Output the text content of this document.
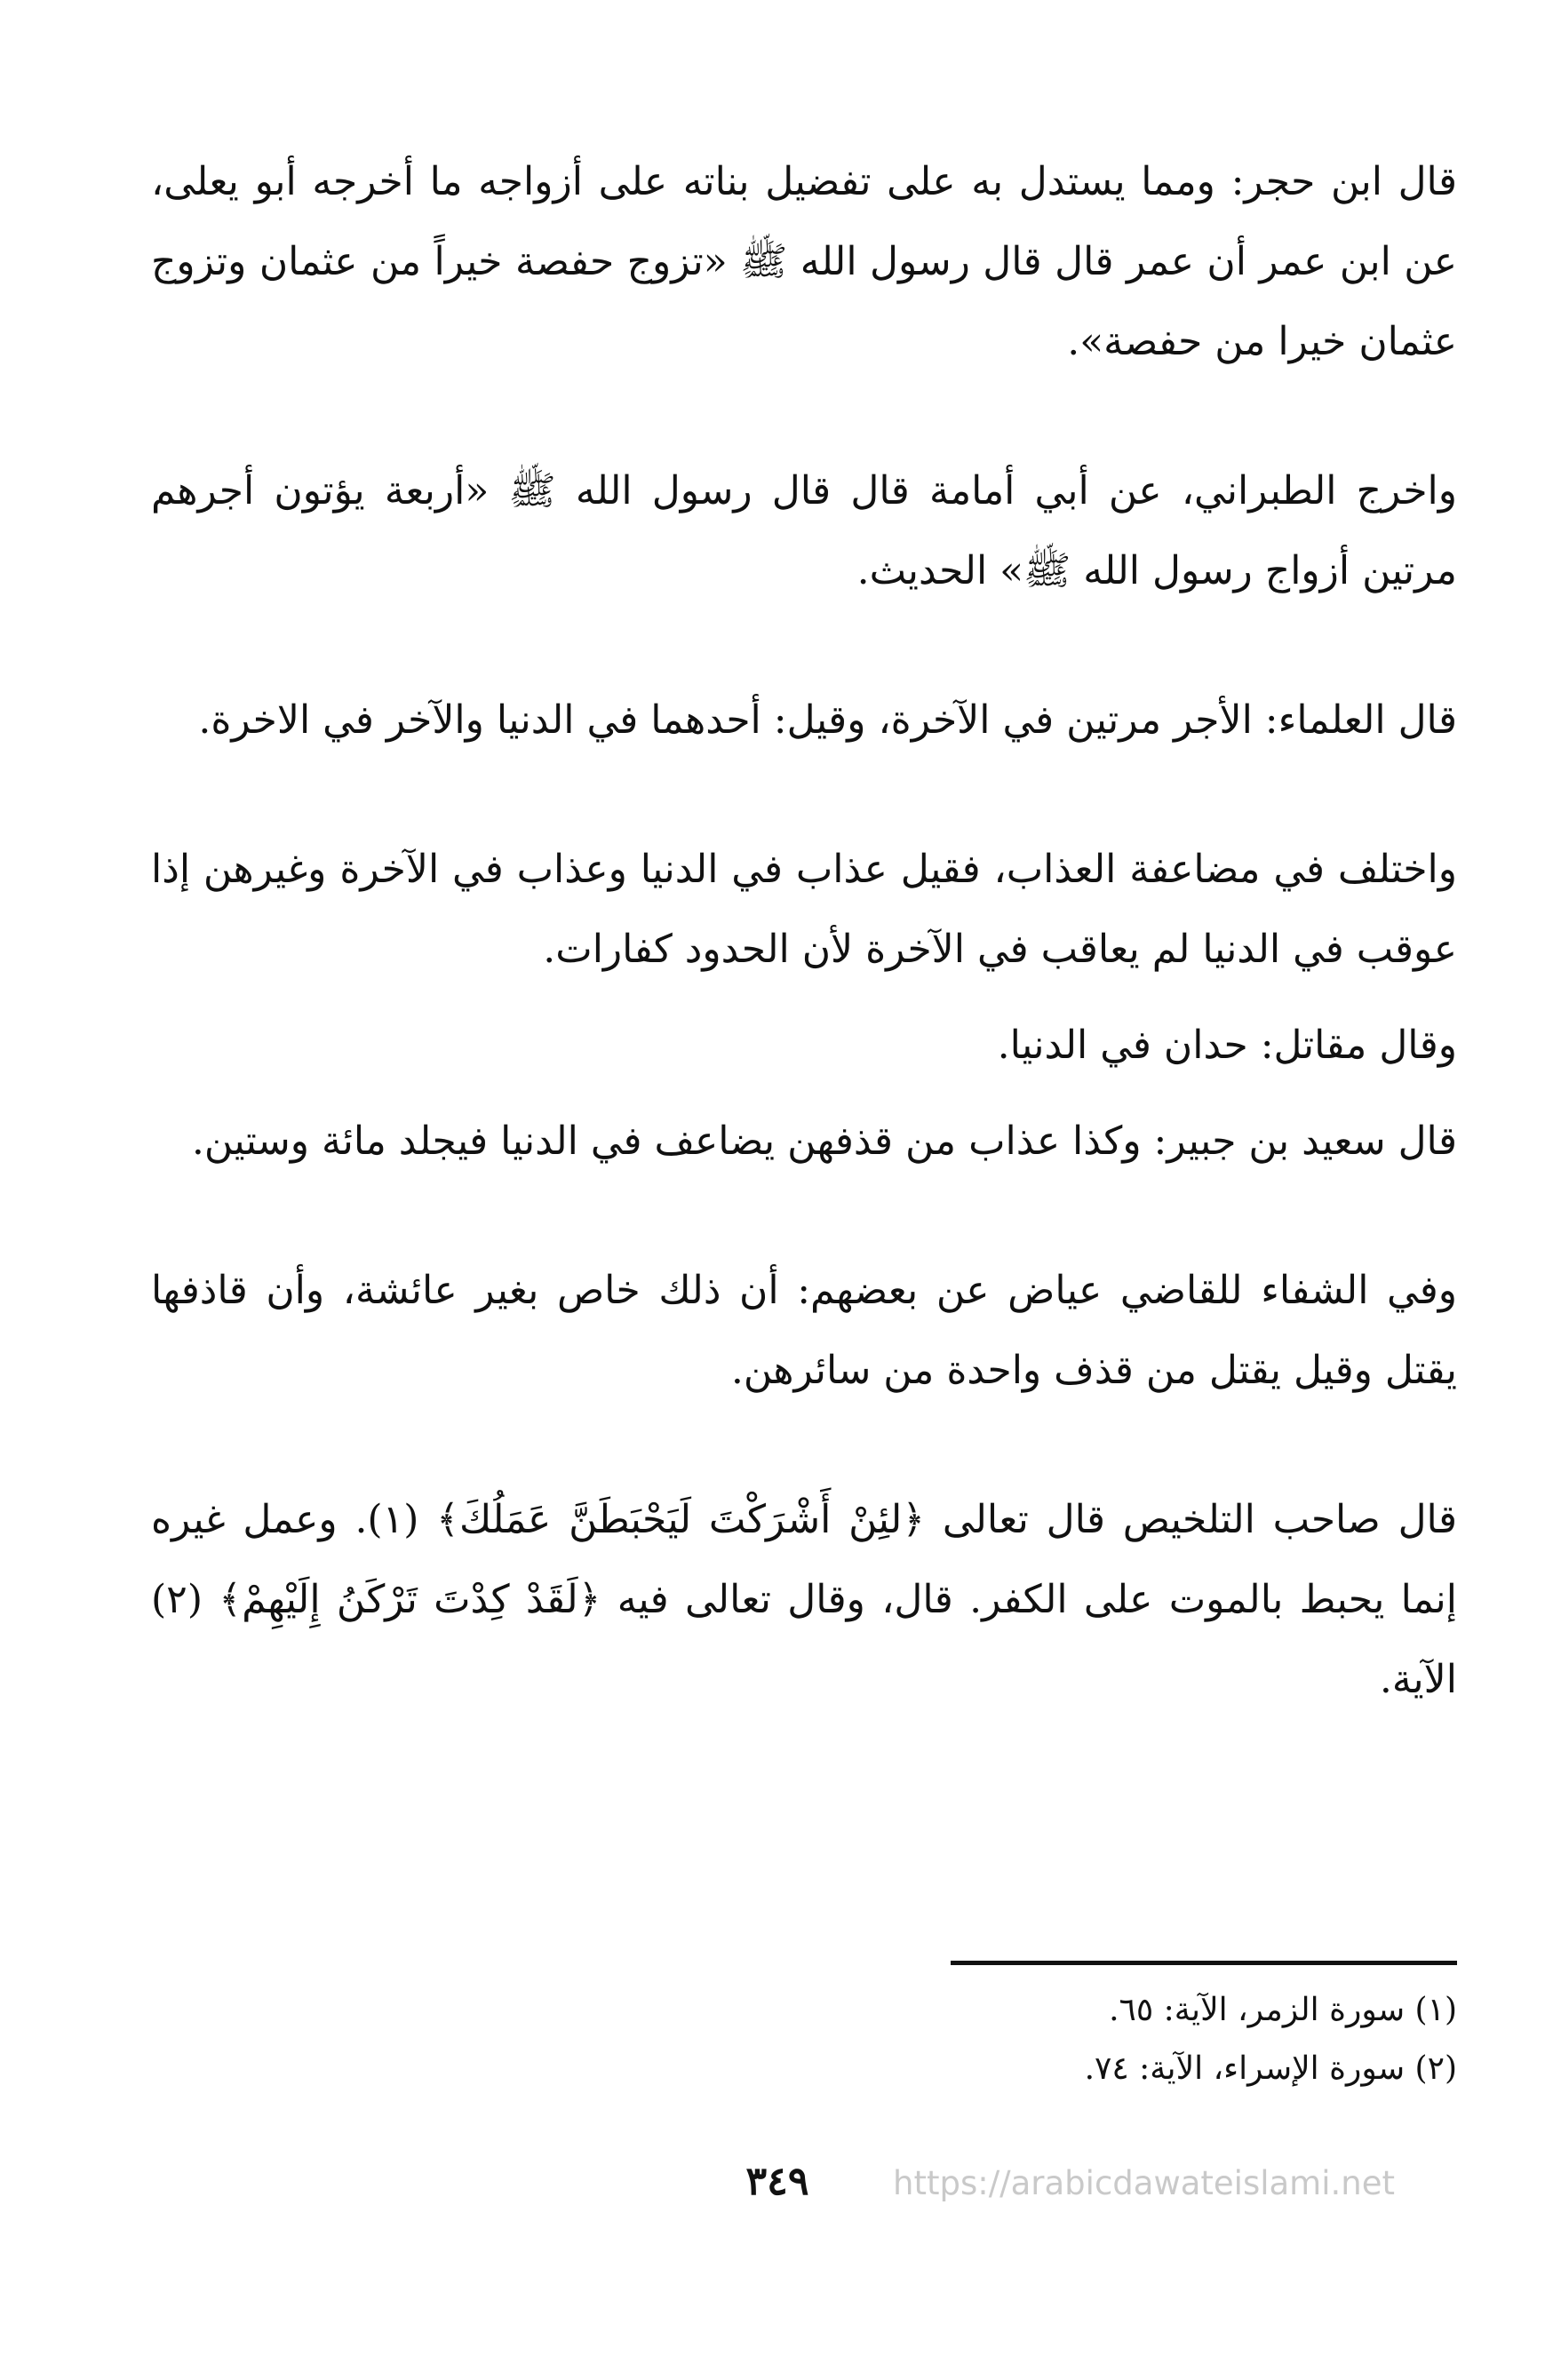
قال ابن حجر: ومما يستدل به على تفضيل بناته على أزواجه ما أخرجه أبو يعلى، عن ابن عمر أن عمر قال قال رسول الله ﷺ «تزوج حفصة خيراً من عثمان وتزوج عثمان خيرا من حفصة».

واخرج الطبراني، عن أبي أمامة قال قال رسول الله ﷺ «أربعة يؤتون أجرهم مرتين أزواج رسول الله ﷺ» الحديث.

قال العلماء: الأجر مرتين في الآخرة، وقيل: أحدهما في الدنيا والآخر في الاخرة.

واختلف في مضاعفة العذاب، فقيل عذاب في الدنيا وعذاب في الآخرة وغيرهن إذا عوقب في الدنيا لم يعاقب في الآخرة لأن الحدود كفارات.

وقال مقاتل: حدان في الدنيا.

قال سعيد بن جبير: وكذا عذاب من قذفهن يضاعف في الدنيا فيجلد مائة وستين.

وفي الشفاء للقاضي عياض عن بعضهم: أن ذلك خاص بغير عائشة، وأن قاذفها يقتل وقيل يقتل من قذف واحدة من سائرهن.

قال صاحب التلخيص قال تعالى ﴿لئِنْ أَشْرَكْتَ لَيَحْبَطَنَّ عَمَلُكَ﴾ (١). وعمل غيره إنما يحبط بالموت على الكفر. قال، وقال تعالى فيه ﴿لَقَدْ كِدْتَ تَرْكَنُ إِلَيْهِمْ﴾ (٢) الآية.

(١) سورة الزمر، الآية: ٦٥.

(٢) سورة الإسراء، الآية: ٧٤.

٣٤٩	https://arabicdawateislami.net
